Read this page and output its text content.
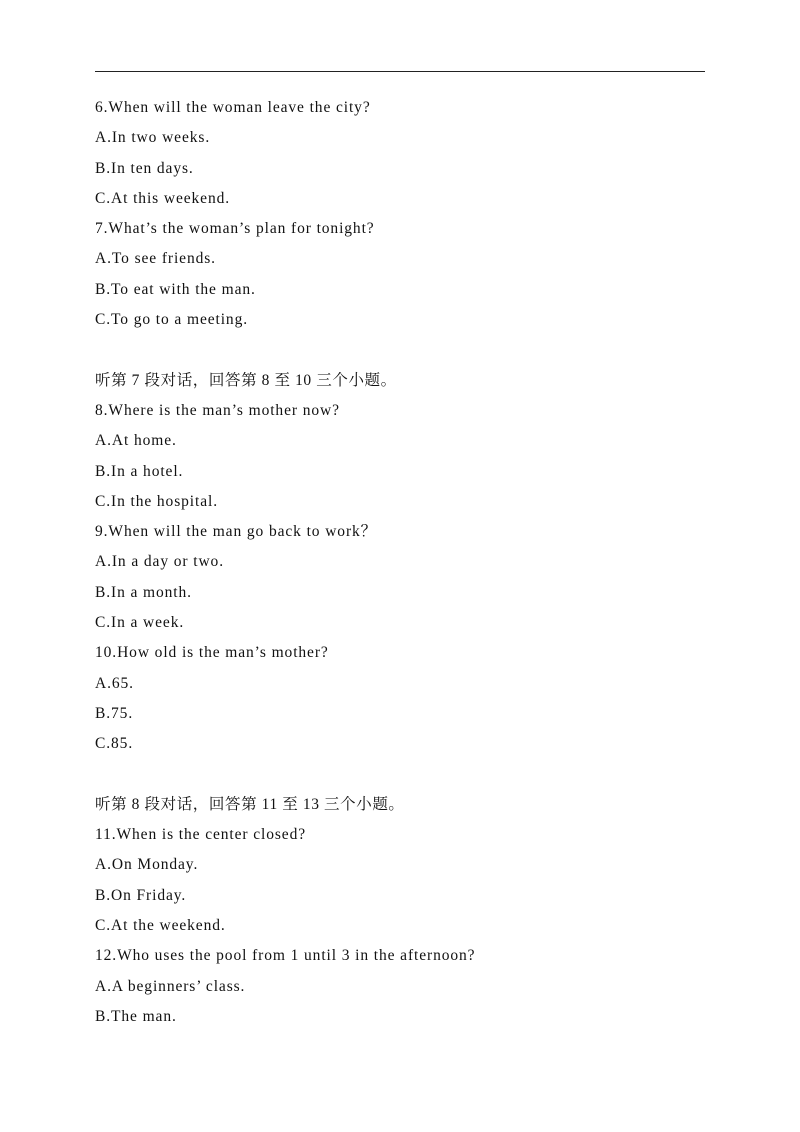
6.When will the woman leave the city?
A.In two weeks.
B.In ten days.
C.At this weekend.
7.What’s the woman’s plan for tonight?
A.To see friends.
B.To eat with the man.
C.To go to a meeting.
听第 7 段对话，回答第 8 至 10 三个小题。
8.Where is the man’s mother now?
A.At home.
B.In a hotel.
C.In the hospital.
9.When will the man go back to work？
A.In a day or two.
B.In a month.
C.In a week.
10.How old is the man’s mother?
A.65.
B.75.
C.85.
听第 8 段对话，回答第 11 至 13 三个小题。
11.When is the center closed?
A.On Monday.
B.On Friday.
C.At the weekend.
12.Who uses the pool from 1 until 3 in the afternoon?
A.A beginners’ class.
B.The man.
